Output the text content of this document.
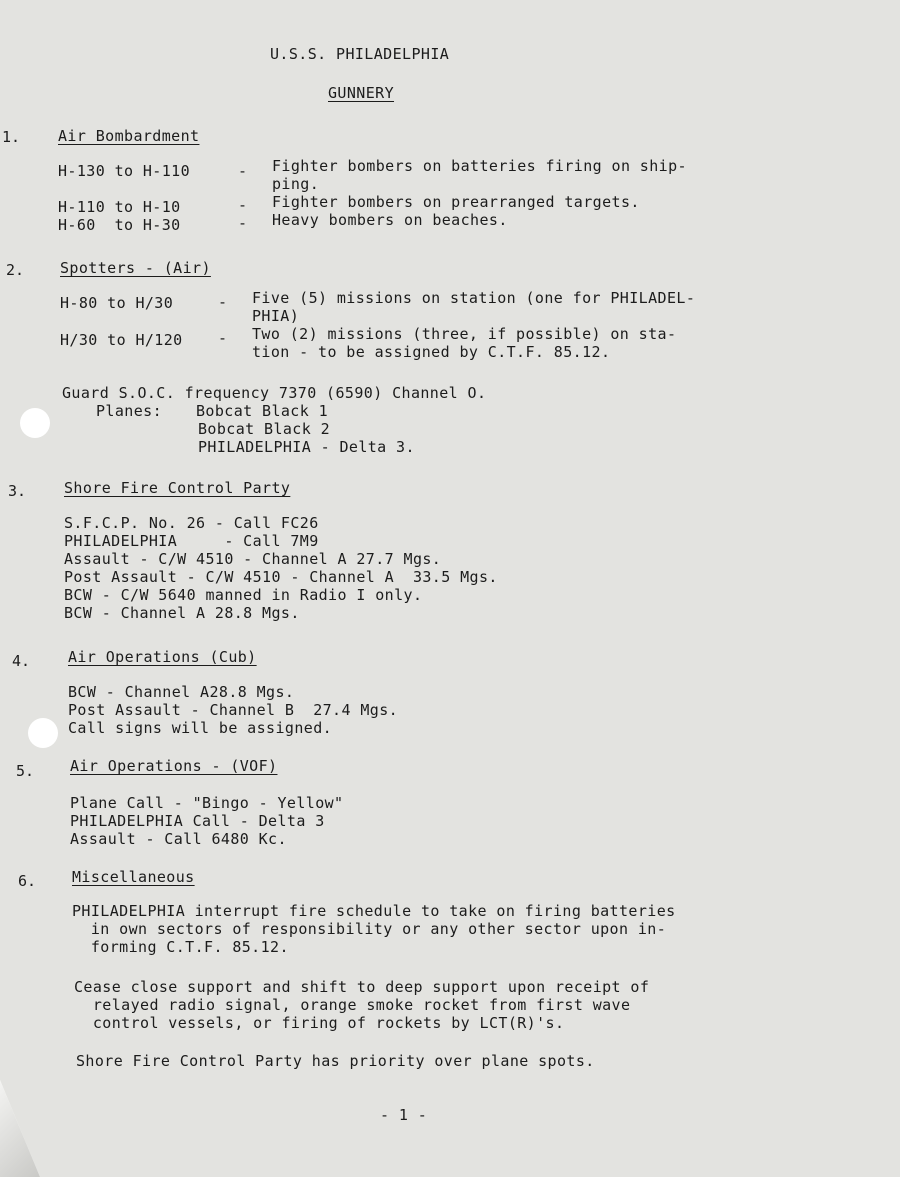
U.S.S. PHILADELPHIA
GUNNERY
1.	Air Bombardment
H-130 to H-110	- Fighter bombers on batteries firing on ship-
ping.
H-110 to H-10	- Fighter bombers on prearranged targets.
H-60  to H-30	- Heavy bombers on beaches.
2. Spotters - (Air)
H-80 to H/30	- Five (5) missions on station (one for PHILADEL-
PHIA)
H/30 to H/120 - Two (2) missions (three, if possible) on sta-
tion - to be assigned by C.T.F. 85.12.
Guard S.O.C. frequency 7370 (6590) Channel O.
Planes: Bobcat Black 1
Bobcat Black 2
PHILADELPHIA - Delta 3.
3.	Shore Fire Control Party
S.F.C.P. No. 26 - Call FC26
PHILADELPHIA     - Call 7M9
Assault - C/W 4510 - Channel A 27.7 Mgs.
Post Assault - C/W 4510 - Channel A  33.5 Mgs.
BCW - C/W 5640 manned in Radio I only.
BCW - Channel A 28.8 Mgs.
4.	Air Operations (Cub)
BCW - Channel A28.8 Mgs.
Post Assault - Channel B  27.4 Mgs.
Call signs will be assigned.
5. Air Operations - (VOF)
Plane Call - "Bingo - Yellow"
PHILADELPHIA Call - Delta 3
Assault - Call 6480 Kc.
6. Miscellaneous
PHILADELPHIA interrupt fire schedule to take on firing batteries
in own sectors of responsibility or any other sector upon in-
forming C.T.F. 85.12.
Cease close support and shift to deep support upon receipt of
relayed radio signal, orange smoke rocket from first wave
control vessels, or firing of rockets by LCT(R)'s.
Shore Fire Control Party has priority over plane spots.
- 1 -
